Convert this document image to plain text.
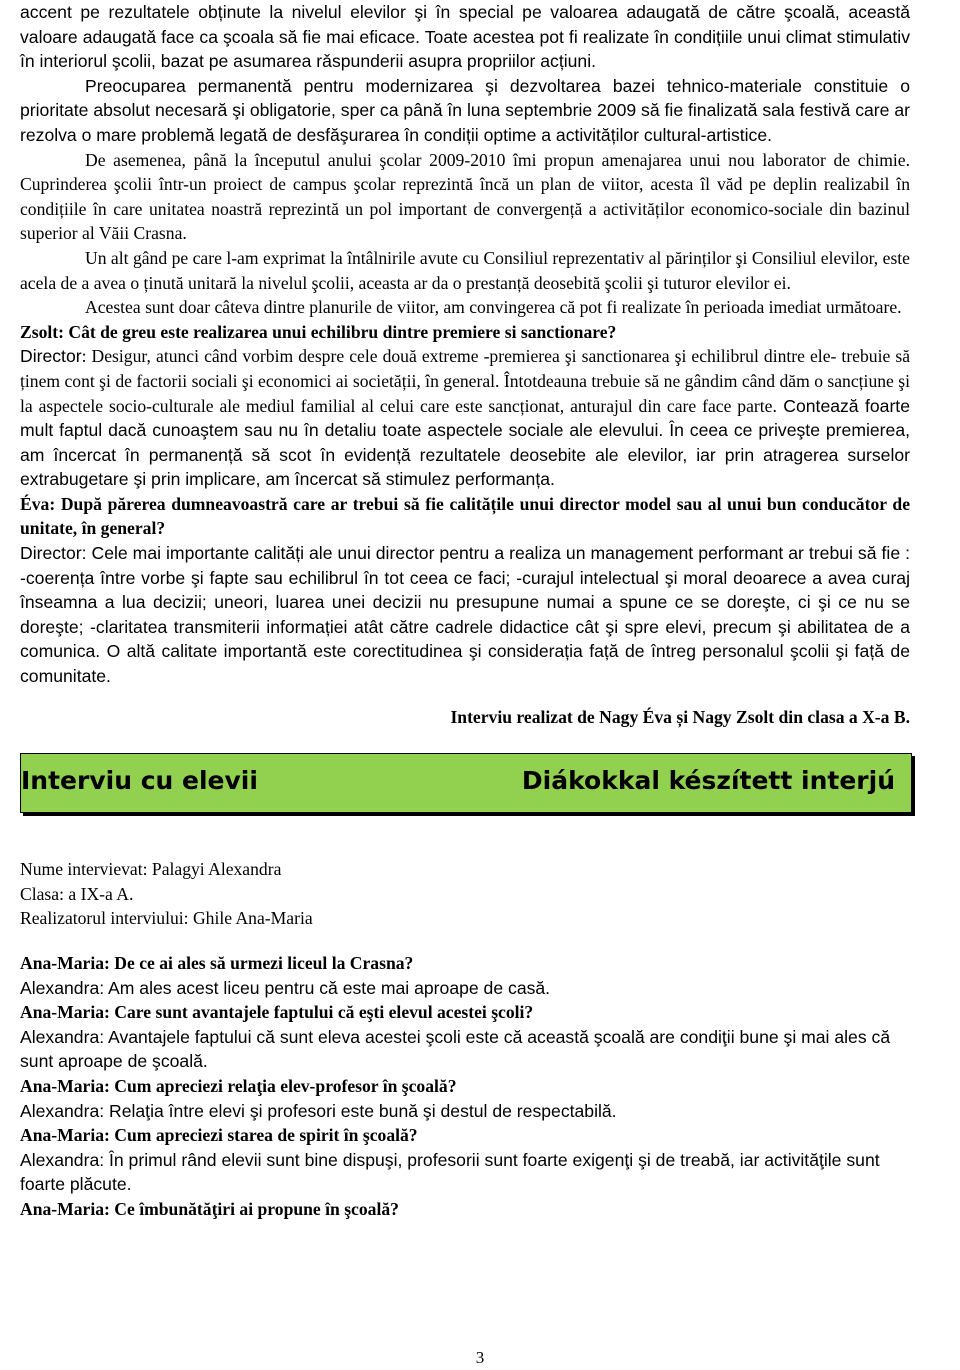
accent pe rezultatele obținute la nivelul elevilor şi în special pe valoarea adaugată de către şcoală, aceastǎ valoare adaugatǎ face ca şcoala să fie mai eficace. Toate acestea pot fi realizate în condițiile unui climat stimulativ în interiorul şcolii, bazat pe asumarea rǎspunderii asupra propriilor acțiuni.

Preocuparea permanentă pentru modernizarea şi dezvoltarea bazei tehnico-materiale constituie o prioritate absolut necesară şi obligatorie, sper ca până în luna septembrie 2009 să fie finalizată sala festivă care ar rezolva o mare problemă legată de desfăşurarea în condiții optime a activităților cultural-artistice.

De asemenea, până la începutul anului şcolar 2009-2010 îmi propun amenajarea unui nou laborator de chimie. Cuprinderea şcolii într-un proiect de campus şcolar reprezintă încă un plan de viitor, acesta îl văd pe deplin realizabil în condițiile în care unitatea noastră reprezintă un pol important de convergență a activităților economico-sociale din bazinul superior al Văii Crasna.

Un alt gând pe care l-am exprimat la întâlnirile avute cu Consiliul reprezentativ al părinților şi Consiliul elevilor, este acela de a avea o ținută unitară la nivelul şcolii, aceasta ar da o prestanță deosebită şcolii şi tuturor elevilor ei.

Acestea sunt doar câteva dintre planurile de viitor, am convingerea că pot fi realizate în perioada imediat următoare.

Zsolt: Cât de greu este realizarea unui echilibru dintre premiere si sanctionare?

Director: Desigur, atunci când vorbim despre cele două extreme -premierea şi sanctionarea şi echilibrul dintre ele- trebuie să ținem cont şi de factorii sociali şi economici ai societății, în general. Întotdeauna trebuie să ne gândim când dăm o sancțiune şi la aspectele socio-culturale ale mediul familial al celui care este sancționat, anturajul din care face parte. Contează foarte mult faptul dacă cunoaştem sau nu în detaliu toate aspectele sociale ale elevului. În ceea ce priveşte premierea, am încercat în permanență să scot în evidență rezultatele deosebite ale elevilor, iar prin atragerea surselor extrabugetare şi prin implicare, am încercat să stimulez performanța.

Éva: După părerea dumneavoastră care ar trebui să fie calitățile unui director model sau al unui bun conducător de unitate, în general?

Director: Cele mai importante calități ale unui director pentru a realiza un management performant ar trebui să fie : -coerența între vorbe şi fapte sau echilibrul în tot ceea ce faci; -curajul intelectual şi moral deoarece a avea curaj înseamna a lua decizii; uneori, luarea unei decizii nu presupune numai a spune ce se doreşte, ci şi ce nu se doreşte; -claritatea transmiterii informației atât către cadrele didactice cât şi spre elevi, precum şi abilitatea de a comunica. O altă calitate importantă este corectitudinea şi considerația față de întreg personalul şcolii şi față de comunitate.

Interviu realizat de Nagy Éva și Nagy Zsolt din clasa a X-a B.

Interviu cu elevii	Diákokkal készített interjú

Nume intervievat: Palagyi Alexandra

Clasa: a IX-a A.

Realizatorul interviului: Ghile Ana-Maria

Ana-Maria: De ce ai ales să urmezi liceul la Crasna?

Alexandra: Am ales acest liceu pentru că este mai aproape de casă.

Ana-Maria: Care sunt avantajele faptului că eşti elevul acestei şcoli?

Alexandra: Avantajele faptului că sunt eleva acestei şcoli este că această şcoală are condiţii bune şi mai ales că sunt aproape de şcoală.

Ana-Maria: Cum apreciezi relaţia elev-profesor în şcoală?

Alexandra: Relaţia între elevi şi profesori este bună şi destul de respectabilă.

Ana-Maria: Cum apreciezi starea de spirit în şcoală?

Alexandra: În primul rând elevii sunt bine dispuşi, profesorii sunt foarte exigenţi şi de treabă, iar activităţile sunt foarte plăcute.

Ana-Maria: Ce îmbunătăţiri ai propune în şcoală?

3
